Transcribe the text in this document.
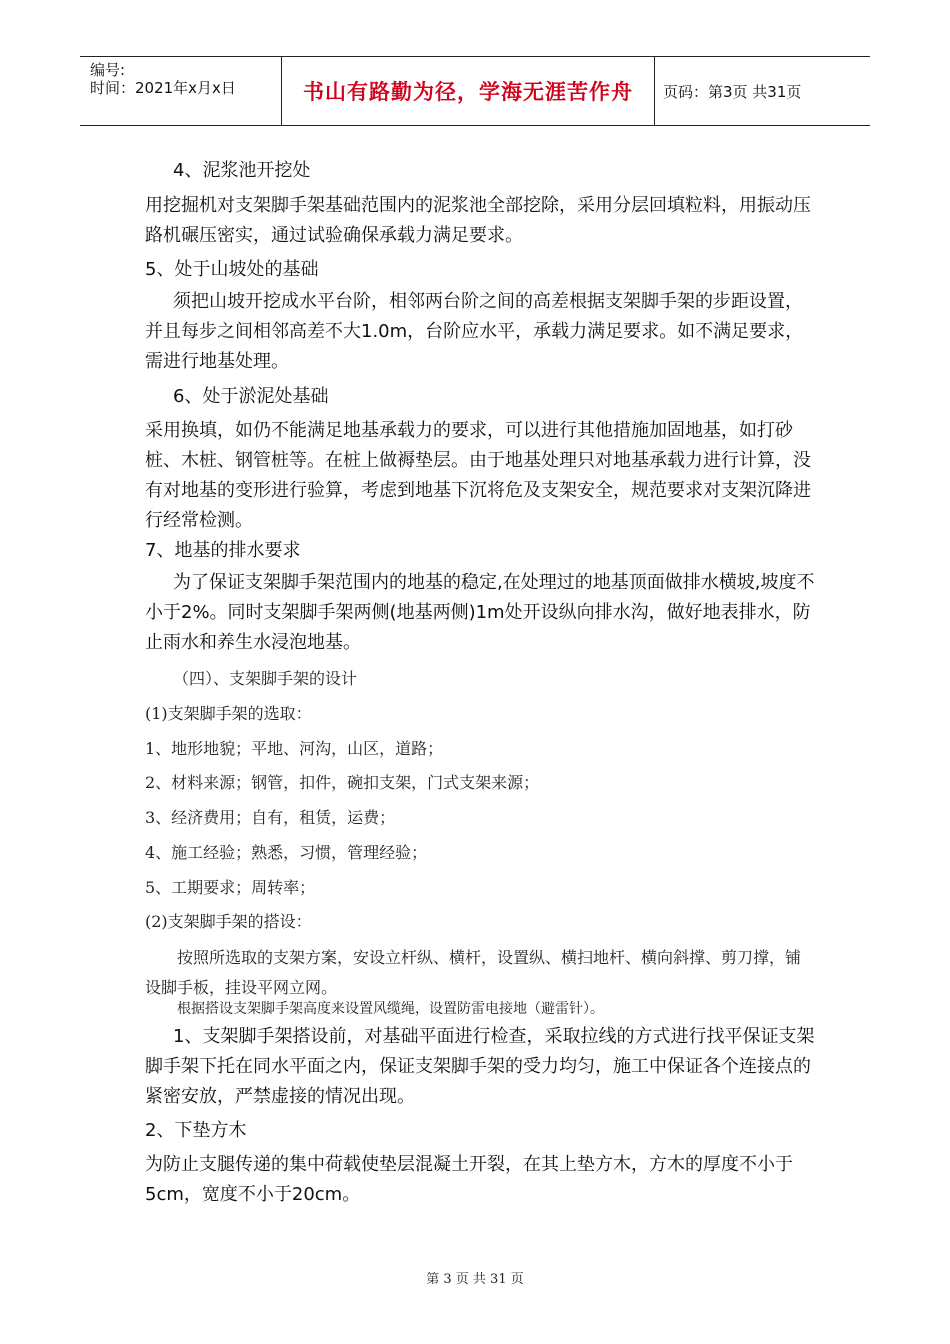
编号:
时间：2021年x月x日	书山有路勤为径，学海无涯苦作舟 页码：第3页 共31页

4、泥浆池开挖处

用挖掘机对支架脚手架基础范围内的泥浆池全部挖除，采用分层回填粒料，用振动压路机碾压密实，通过试验确保承载力满足要求。

5、处于山坡处的基础

须把山坡开挖成水平台阶，相邻两台阶之间的高差根据支架脚手架的步距设置，并且每步之间相邻高差不大1.0m，台阶应水平，承载力满足要求。如不满足要求，需进行地基处理。

6、处于淤泥处基础

采用换填，如仍不能满足地基承载力的要求，可以进行其他措施加固地基，如打砂桩、木桩、钢管桩等。在桩上做褥垫层。由于地基处理只对地基承载力进行计算，没有对地基的变形进行验算，考虑到地基下沉将危及支架安全，规范要求对支架沉降进行经常检测。

7、地基的排水要求

为了保证支架脚手架范围内的地基的稳定,在处理过的地基顶面做排水横坡,坡度不小于2%。同时支架脚手架两侧(地基两侧)1m处开设纵向排水沟，做好地表排水，防止雨水和养生水浸泡地基。

（四）、支架脚手架的设计

(1)支架脚手架的选取：

1、地形地貌；平地、河沟，山区，道路；

2、材料来源；钢管，扣件，碗扣支架，门式支架来源；

3、经济费用；自有，租赁，运费；

4、施工经验；熟悉，习惯，管理经验；

5、工期要求；周转率；

(2)支架脚手架的搭设：

按照所选取的支架方案，安设立杆纵、横杆，设置纵、横扫地杆、横向斜撑、剪刀撑，铺设脚手板，挂设平网立网。

根据搭设支架脚手架高度来设置风缆绳，设置防雷电接地（避雷针）。

1、支架脚手架搭设前，对基础平面进行检查，采取拉线的方式进行找平保证支架脚手架下托在同水平面之内，保证支架脚手架的受力均匀，施工中保证各个连接点的紧密安放，严禁虚接的情况出现。

2、下垫方木

为防止支腿传递的集中荷载使垫层混凝土开裂，在其上垫方木，方木的厚度不小于5cm，宽度不小于20cm。

第 3 页 共 31 页
